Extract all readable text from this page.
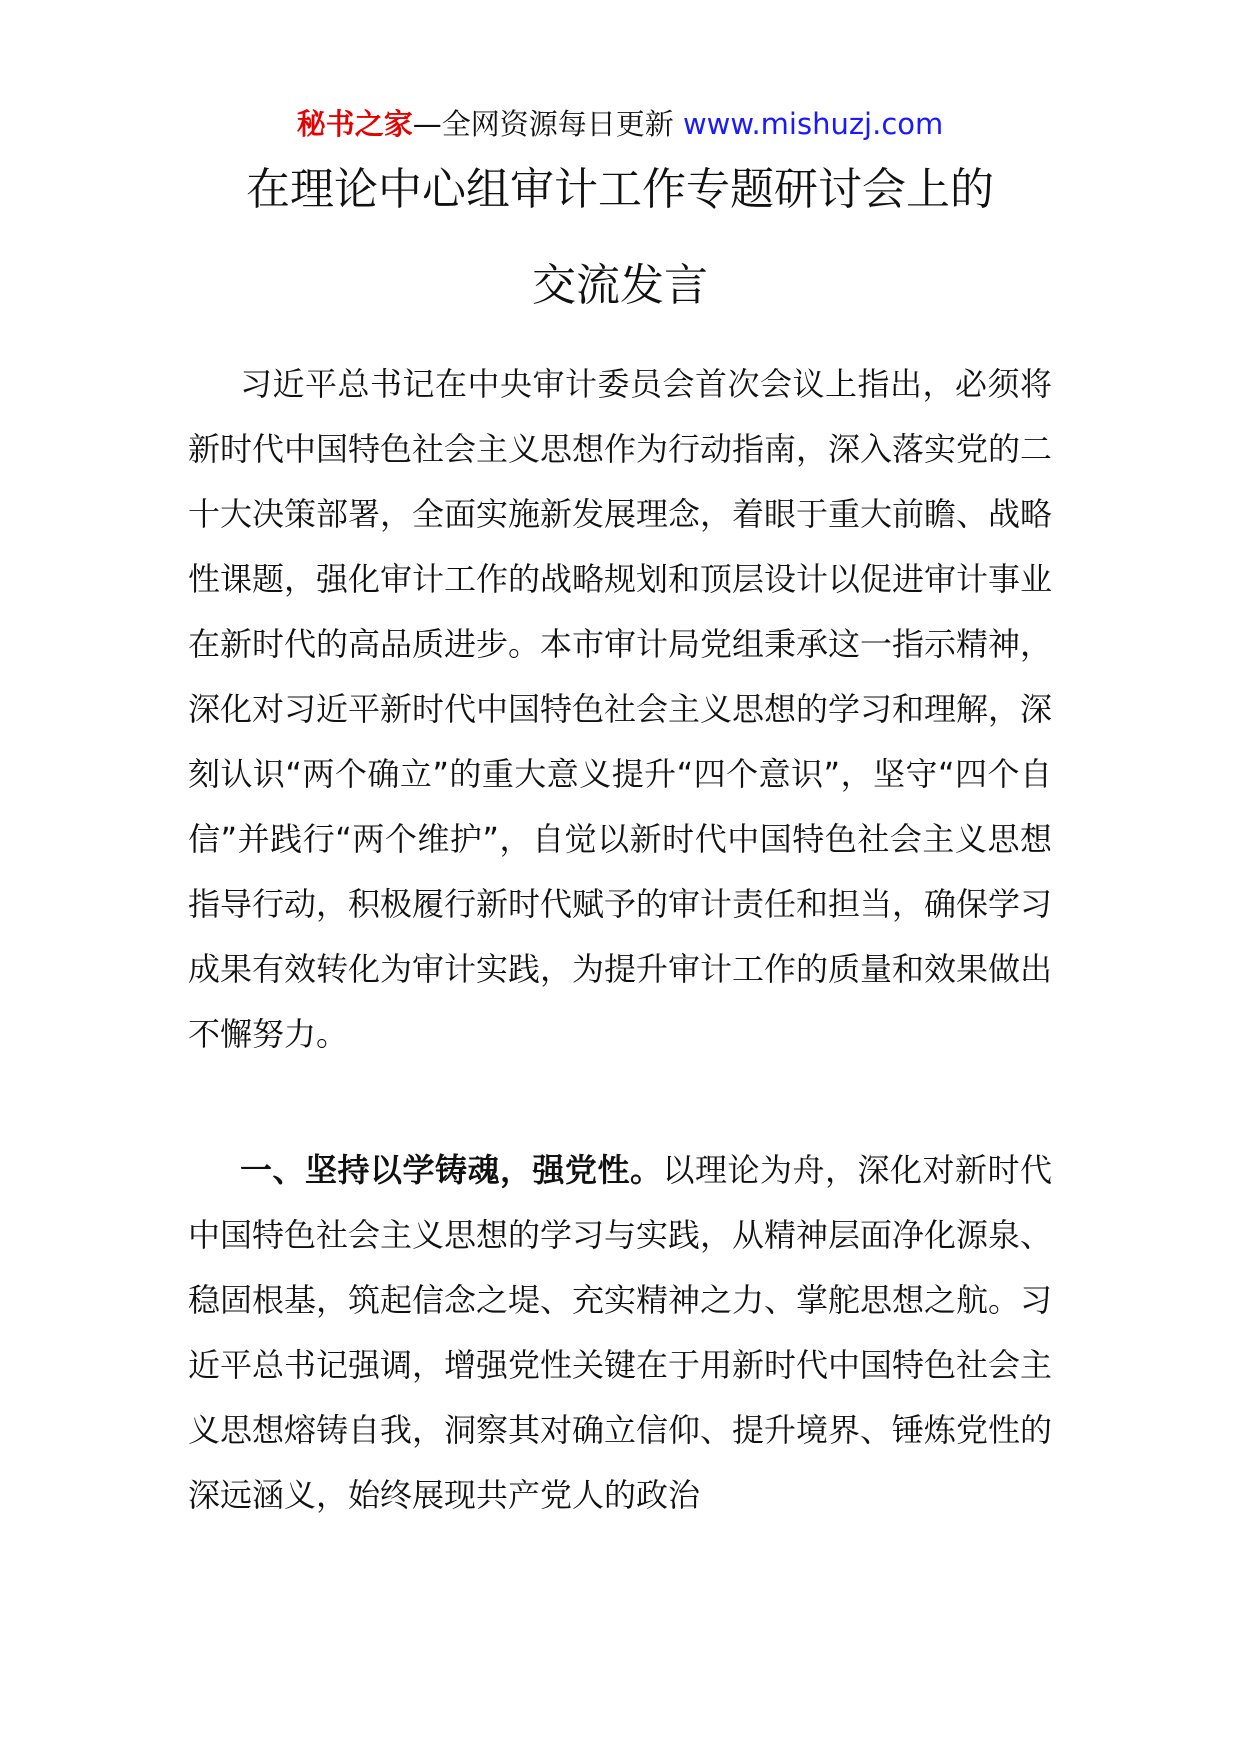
秘书之家—全网资源每日更新 www.mishuzj.com
在理论中心组审计工作专题研讨会上的
交流发言

习近平总书记在中央审计委员会首次会议上指出，必须将新时代中国特色社会主义思想作为行动指南，深入落实党的二十大决策部署，全面实施新发展理念，着眼于重大前瞻、战略性课题，强化审计工作的战略规划和顶层设计以促进审计事业在新时代的高品质进步。本市审计局党组秉承这一指示精神，深化对习近平新时代中国特色社会主义思想的学习和理解，深刻认识“两个确立”的重大意义提升“四个意识”，坚守“四个自信”并践行“两个维护”，自觉以新时代中国特色社会主义思想指导行动，积极履行新时代赋予的审计责任和担当，确保学习成果有效转化为审计实践，为提升审计工作的质量和效果做出不懈努力。

一、坚持以学铸魂，强党性。以理论为舟，深化对新时代中国特色社会主义思想的学习与实践，从精神层面净化源泉、稳固根基，筑起信念之堤、充实精神之力、掌舵思想之航。习近平总书记强调，增强党性关键在于用新时代中国特色社会主义思想熔铸自我，洞察其对确立信仰、提升境界、锤炼党性的深远涵义，始终展现共产党人的政治
